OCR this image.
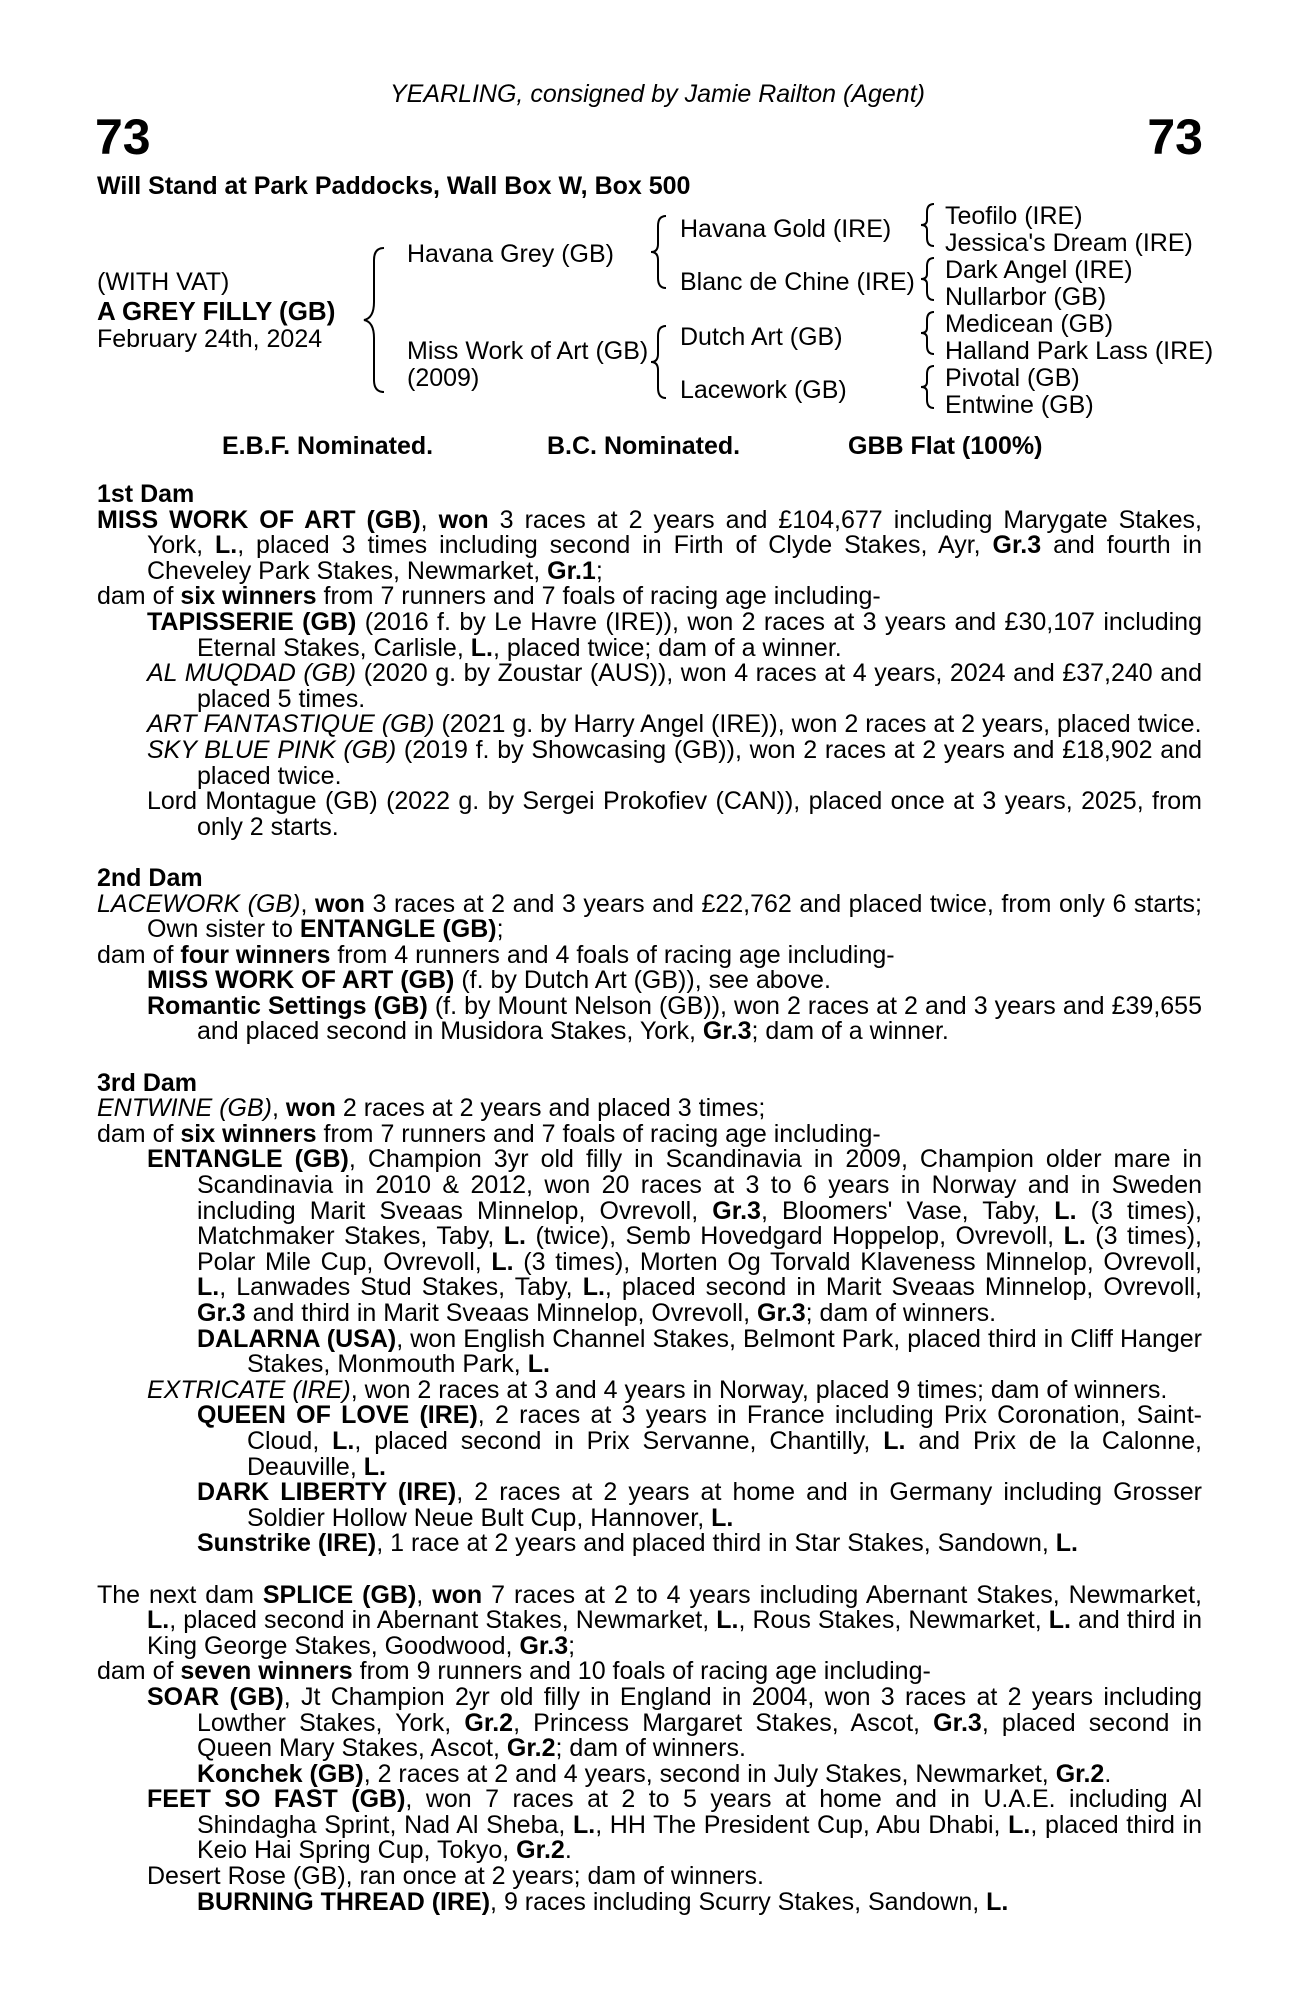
YEARLING, consigned by Jamie Railton (Agent)
73	73
Will Stand at Park Paddocks, Wall Box W, Box 500
(WITH VAT)
A GREY FILLY (GB)
February 24th, 2024
Havana Grey (GB)
Miss Work of Art (GB)
(2009)
Havana Gold (IRE)
Blanc de Chine (IRE)
Dutch Art (GB)
Lacework (GB)
Teofilo (IRE)
Jessica's Dream (IRE)
Dark Angel (IRE)
Nullarbor (GB)
Medicean (GB)
Halland Park Lass (IRE)
Pivotal (GB)
Entwine (GB)
E.B.F. Nominated.	B.C. Nominated.	GBB Flat (100%)
1st Dam
MISS WORK OF ART (GB), won 3 races at 2 years and £104,677 including Marygate Stakes, York, L., placed 3 times including second in Firth of Clyde Stakes, Ayr, Gr.3 and fourth in Cheveley Park Stakes, Newmarket, Gr.1;
dam of six winners from 7 runners and 7 foals of racing age including-
TAPISSERIE (GB) (2016 f. by Le Havre (IRE)), won 2 races at 3 years and £30,107 including Eternal Stakes, Carlisle, L., placed twice; dam of a winner.
AL MUQDAD (GB) (2020 g. by Zoustar (AUS)), won 4 races at 4 years, 2024 and £37,240 and placed 5 times.
ART FANTASTIQUE (GB) (2021 g. by Harry Angel (IRE)), won 2 races at 2 years, placed twice.
SKY BLUE PINK (GB) (2019 f. by Showcasing (GB)), won 2 races at 2 years and £18,902 and placed twice.
Lord Montague (GB) (2022 g. by Sergei Prokofiev (CAN)), placed once at 3 years, 2025, from only 2 starts.
2nd Dam
LACEWORK (GB), won 3 races at 2 and 3 years and £22,762 and placed twice, from only 6 starts; Own sister to ENTANGLE (GB);
dam of four winners from 4 runners and 4 foals of racing age including-
MISS WORK OF ART (GB) (f. by Dutch Art (GB)), see above.
Romantic Settings (GB) (f. by Mount Nelson (GB)), won 2 races at 2 and 3 years and £39,655 and placed second in Musidora Stakes, York, Gr.3; dam of a winner.
3rd Dam
ENTWINE (GB), won 2 races at 2 years and placed 3 times;
dam of six winners from 7 runners and 7 foals of racing age including-
ENTANGLE (GB), Champion 3yr old filly in Scandinavia in 2009, Champion older mare in Scandinavia in 2010 & 2012, won 20 races at 3 to 6 years in Norway and in Sweden including Marit Sveaas Minnelop, Ovrevoll, Gr.3, Bloomers' Vase, Taby, L. (3 times), Matchmaker Stakes, Taby, L. (twice), Semb Hovedgard Hoppelop, Ovrevoll, L. (3 times), Polar Mile Cup, Ovrevoll, L. (3 times), Morten Og Torvald Klaveness Minnelop, Ovrevoll, L., Lanwades Stud Stakes, Taby, L., placed second in Marit Sveaas Minnelop, Ovrevoll, Gr.3 and third in Marit Sveaas Minnelop, Ovrevoll, Gr.3; dam of winners.
DALARNA (USA), won English Channel Stakes, Belmont Park, placed third in Cliff Hanger Stakes, Monmouth Park, L.
EXTRICATE (IRE), won 2 races at 3 and 4 years in Norway, placed 9 times; dam of winners.
QUEEN OF LOVE (IRE), 2 races at 3 years in France including Prix Coronation, Saint-Cloud, L., placed second in Prix Servanne, Chantilly, L. and Prix de la Calonne, Deauville, L.
DARK LIBERTY (IRE), 2 races at 2 years at home and in Germany including Grosser Soldier Hollow Neue Bult Cup, Hannover, L.
Sunstrike (IRE), 1 race at 2 years and placed third in Star Stakes, Sandown, L.
The next dam SPLICE (GB), won 7 races at 2 to 4 years including Abernant Stakes, Newmarket, L., placed second in Abernant Stakes, Newmarket, L., Rous Stakes, Newmarket, L. and third in King George Stakes, Goodwood, Gr.3;
dam of seven winners from 9 runners and 10 foals of racing age including-
SOAR (GB), Jt Champion 2yr old filly in England in 2004, won 3 races at 2 years including Lowther Stakes, York, Gr.2, Princess Margaret Stakes, Ascot, Gr.3, placed second in Queen Mary Stakes, Ascot, Gr.2; dam of winners.
Konchek (GB), 2 races at 2 and 4 years, second in July Stakes, Newmarket, Gr.2.
FEET SO FAST (GB), won 7 races at 2 to 5 years at home and in U.A.E. including Al Shindagha Sprint, Nad Al Sheba, L., HH The President Cup, Abu Dhabi, L., placed third in Keio Hai Spring Cup, Tokyo, Gr.2.
Desert Rose (GB), ran once at 2 years; dam of winners.
BURNING THREAD (IRE), 9 races including Scurry Stakes, Sandown, L.
